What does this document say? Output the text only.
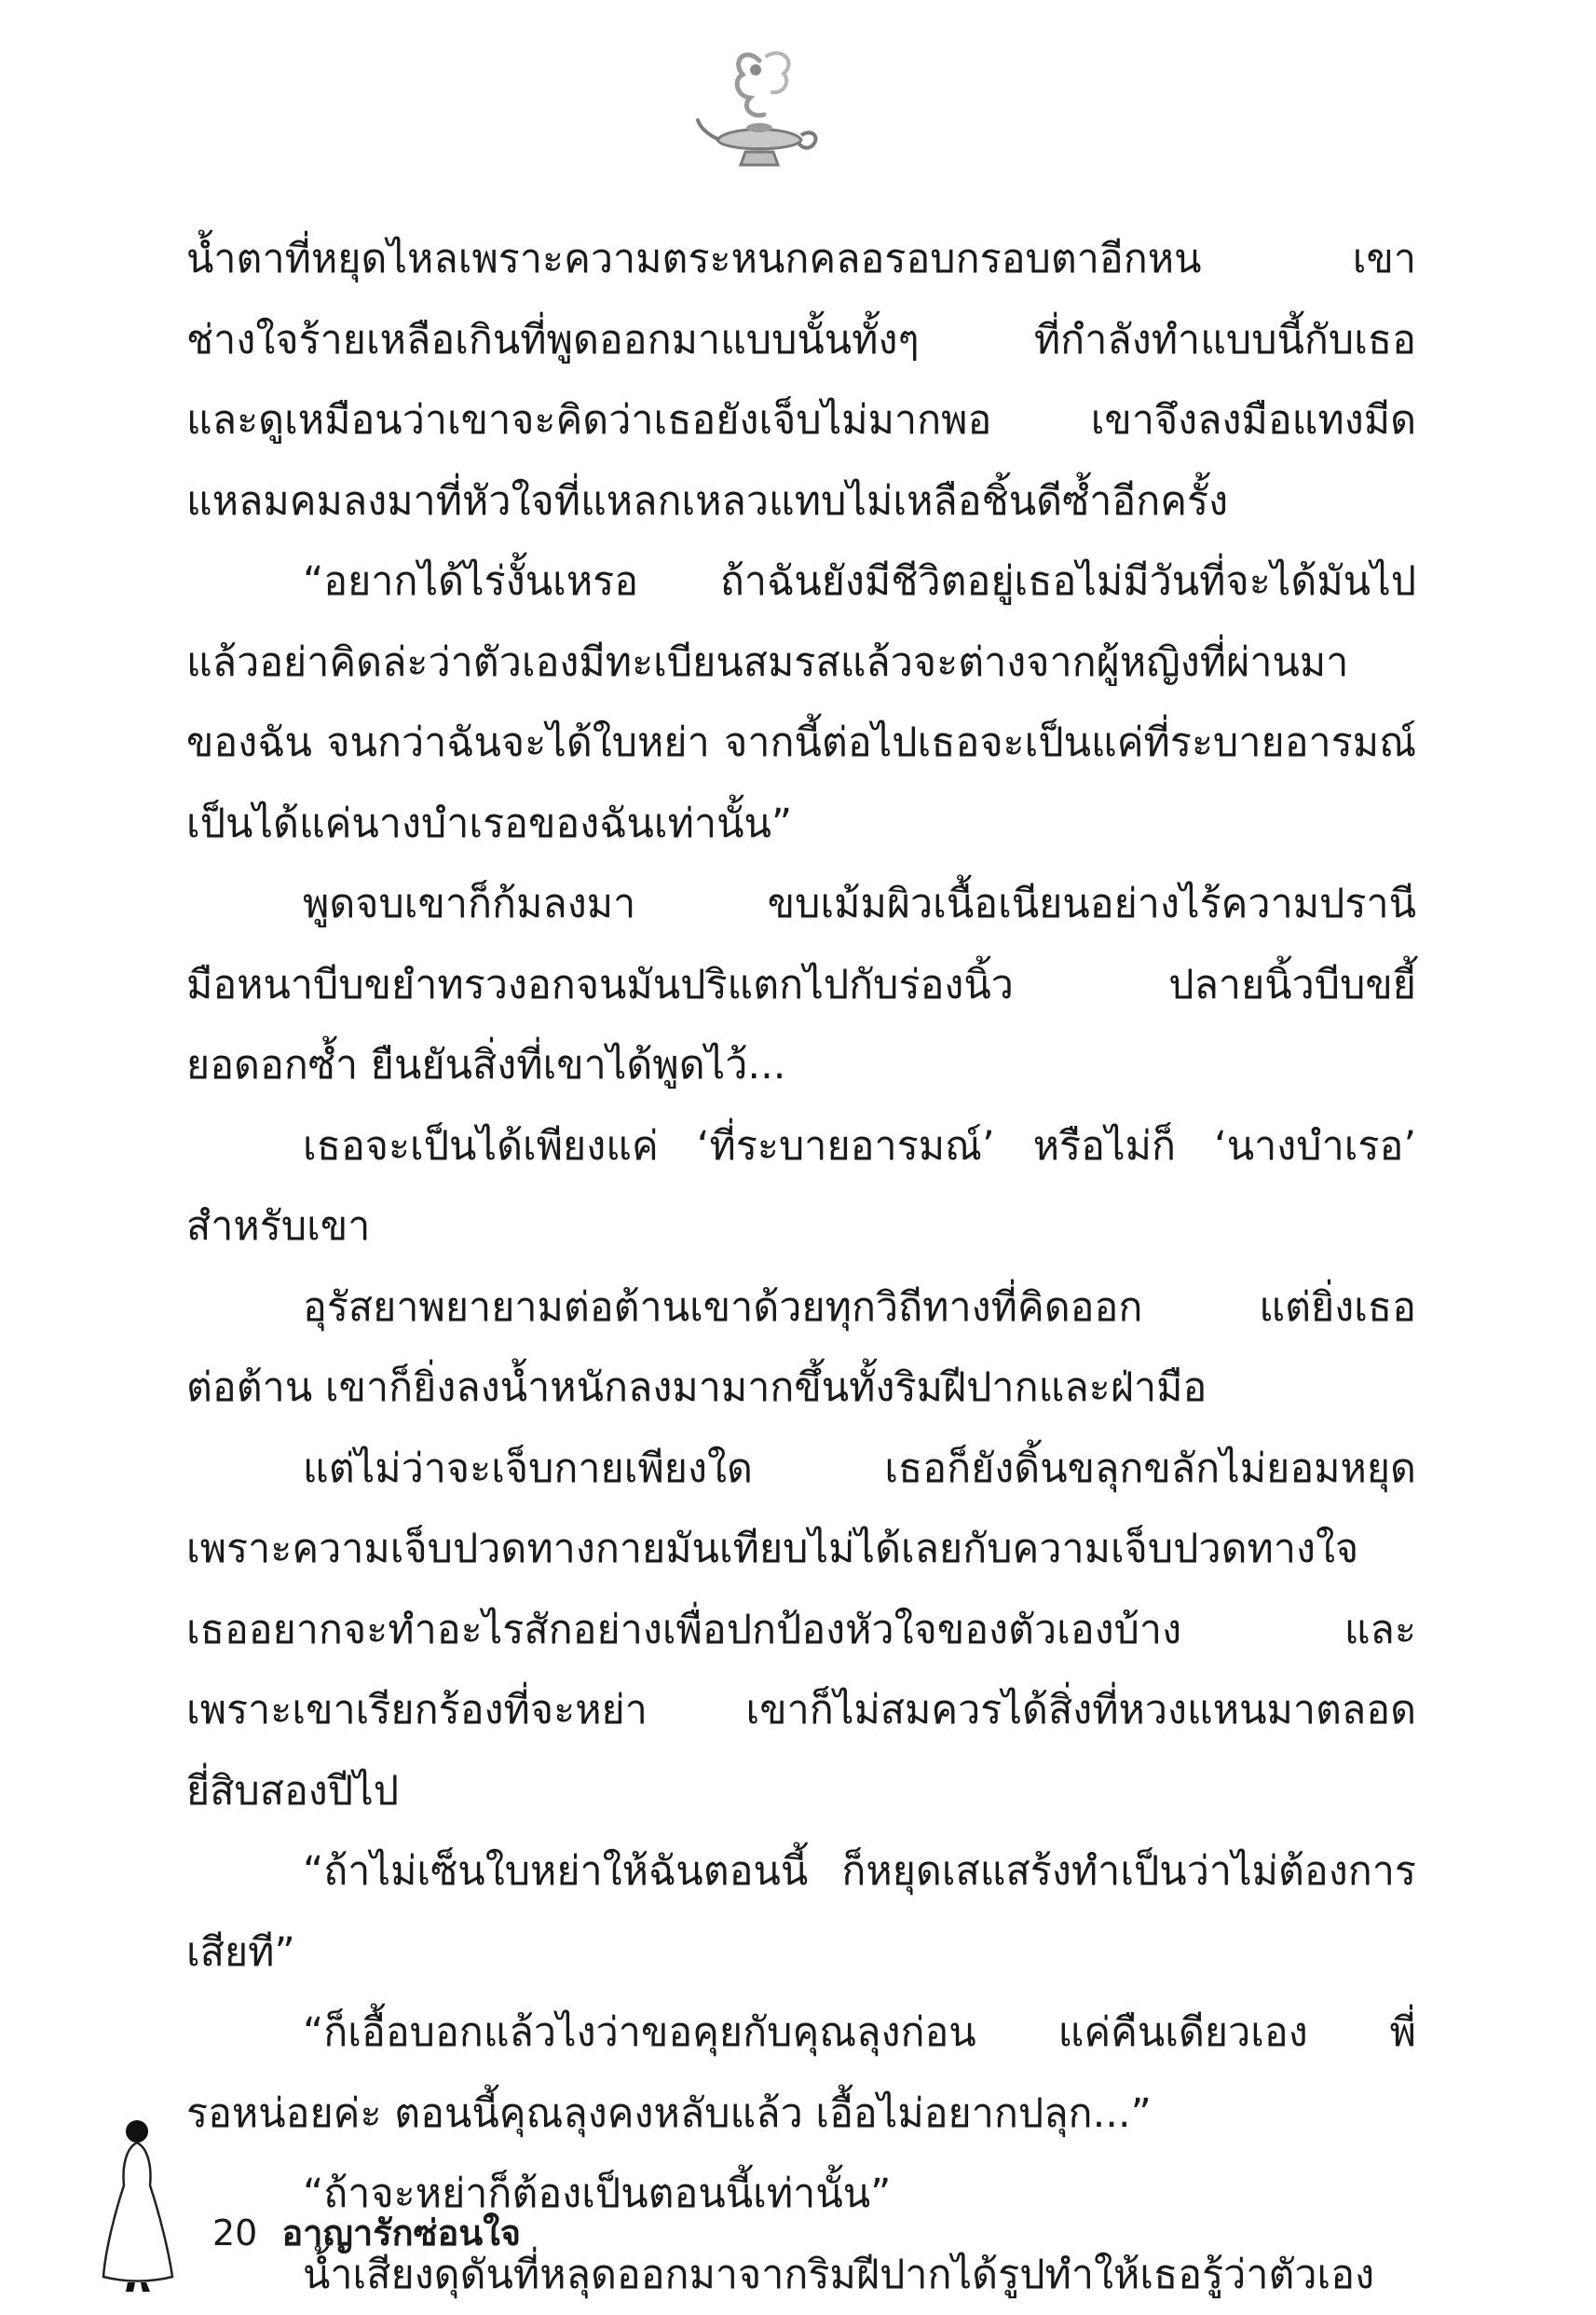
น้ำตาที่หยุดไหลเพราะความตระหนกคลอรอบกรอบตาอีกหน เขา
ช่างใจร้ายเหลือเกินที่พูดออกมาแบบนั้นทั้งๆ ที่กำลังทำแบบนี้กับเธอ
และดูเหมือนว่าเขาจะคิดว่าเธอยังเจ็บไม่มากพอ เขาจึงลงมือแทงมีด
แหลมคมลงมาที่หัวใจที่แหลกเหลวแทบไม่เหลือชิ้นดีซ้ำอีกครั้ง
“อยากได้ไร่งั้นเหรอ ถ้าฉันยังมีชีวิตอยู่เธอไม่มีวันที่จะได้มันไป
แล้วอย่าคิดล่ะว่าตัวเองมีทะเบียนสมรสแล้วจะต่างจากผู้หญิงที่ผ่านมา
ของฉัน จนกว่าฉันจะได้ใบหย่า จากนี้ต่อไปเธอจะเป็นแค่ที่ระบายอารมณ์
เป็นได้แค่นางบำเรอของฉันเท่านั้น”
พูดจบเขาก็ก้มลงมา ขบเม้มผิวเนื้อเนียนอย่างไร้ความปรานี
มือหนาบีบขยำทรวงอกจนมันปริแตกไปกับร่องนิ้ว ปลายนิ้วบีบขยี้
ยอดอกซ้ำ ยืนยันสิ่งที่เขาได้พูดไว้...
เธอจะเป็นได้เพียงแค่ ‘ที่ระบายอารมณ์’ หรือไม่ก็ ‘นางบำเรอ’
สำหรับเขา
อุรัสยาพยายามต่อต้านเขาด้วยทุกวิถีทางที่คิดออก แต่ยิ่งเธอ
ต่อต้าน เขาก็ยิ่งลงน้ำหนักลงมามากขึ้นทั้งริมฝีปากและฝ่ามือ
แต่ไม่ว่าจะเจ็บกายเพียงใด เธอก็ยังดิ้นขลุกขลักไม่ยอมหยุด
เพราะความเจ็บปวดทางกายมันเทียบไม่ได้เลยกับความเจ็บปวดทางใจ
เธออยากจะทำอะไรสักอย่างเพื่อปกป้องหัวใจของตัวเองบ้าง และ
เพราะเขาเรียกร้องที่จะหย่า เขาก็ไม่สมควรได้สิ่งที่หวงแหนมาตลอด
ยี่สิบสองปีไป
“ถ้าไม่เซ็นใบหย่าให้ฉันตอนนี้ ก็หยุดเสแสร้งทำเป็นว่าไม่ต้องการ
เสียที”
“ก็เอื้อบอกแล้วไงว่าขอคุยกับคุณลุงก่อน แค่คืนเดียวเอง พี่
รอหน่อยค่ะ ตอนนี้คุณลุงคงหลับแล้ว เอื้อไม่อยากปลุก...”
“ถ้าจะหย่าก็ต้องเป็นตอนนี้เท่านั้น”
น้ำเสียงดุดันที่หลุดออกมาจากริมฝีปากได้รูปทำให้เธอรู้ว่าตัวเอง
20 อาญารักซ่อนใจ
